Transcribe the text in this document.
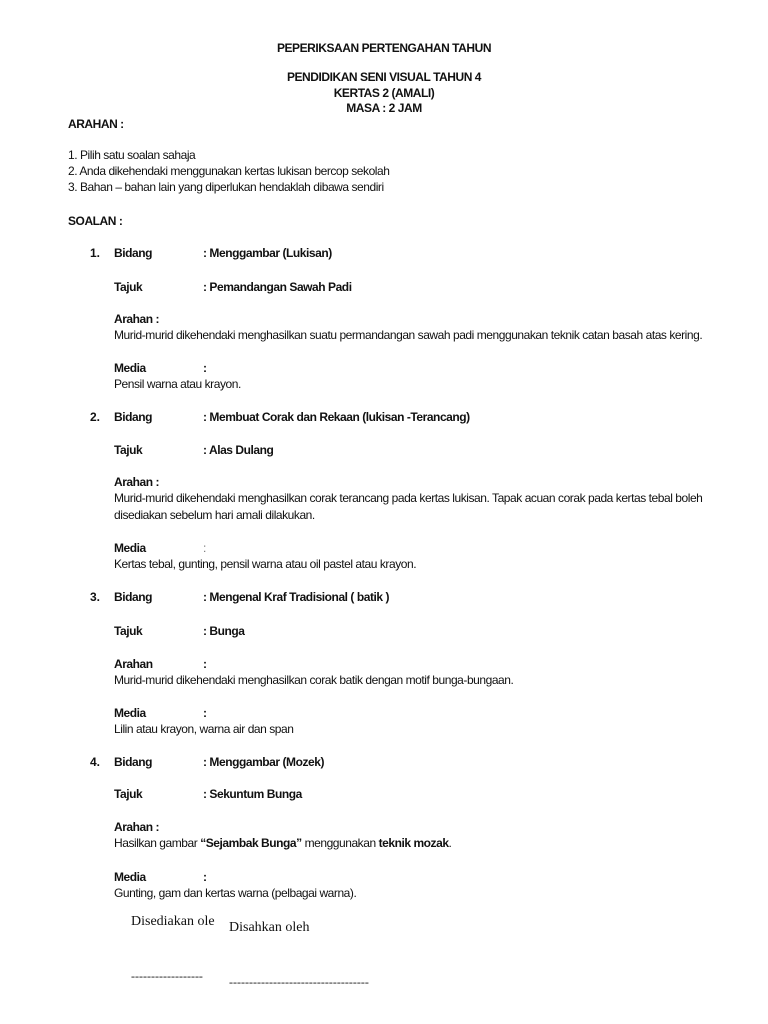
PEPERIKSAAN PERTENGAHAN TAHUN
PENDIDIKAN SENI VISUAL TAHUN 4
KERTAS 2 (AMALI)
MASA : 2 JAM
ARAHAN :
1. Pilih satu soalan sahaja
2. Anda dikehendaki menggunakan kertas lukisan bercop sekolah
3. Bahan – bahan lain yang diperlukan hendaklah dibawa sendiri
SOALAN :
1. Bidang	: Menggambar (Lukisan)
Tajuk	: Pemandangan Sawah Padi
Arahan :
Murid-murid dikehendaki menghasilkan suatu permandangan sawah padi menggunakan teknik catan basah atas kering.
Media	:
Pensil warna atau krayon.
2. Bidang	: Membuat Corak dan Rekaan (lukisan -Terancang)
Tajuk	: Alas Dulang
Arahan :
Murid-murid dikehendaki menghasilkan corak terancang pada kertas lukisan. Tapak acuan corak pada kertas tebal boleh
disediakan sebelum hari amali dilakukan.
Media	:
Kertas tebal, gunting, pensil warna atau oil pastel atau krayon.
3. Bidang	: Mengenal Kraf Tradisional ( batik )
Tajuk	: Bunga
Arahan	:
Murid-murid dikehendaki menghasilkan corak batik dengan motif bunga-bungaan.
Media	:
Lilin atau krayon, warna air dan span
4. Bidang	: Menggambar (Mozek)
Tajuk	: Sekuntum Bunga
Arahan :
Hasilkan gambar “Sejambak Bunga” menggunakan teknik mozak.
Media	:
Gunting, gam dan kertas warna (pelbagai warna).
Disediakan ole Disahkan oleh
------------------ -----------------------------------
